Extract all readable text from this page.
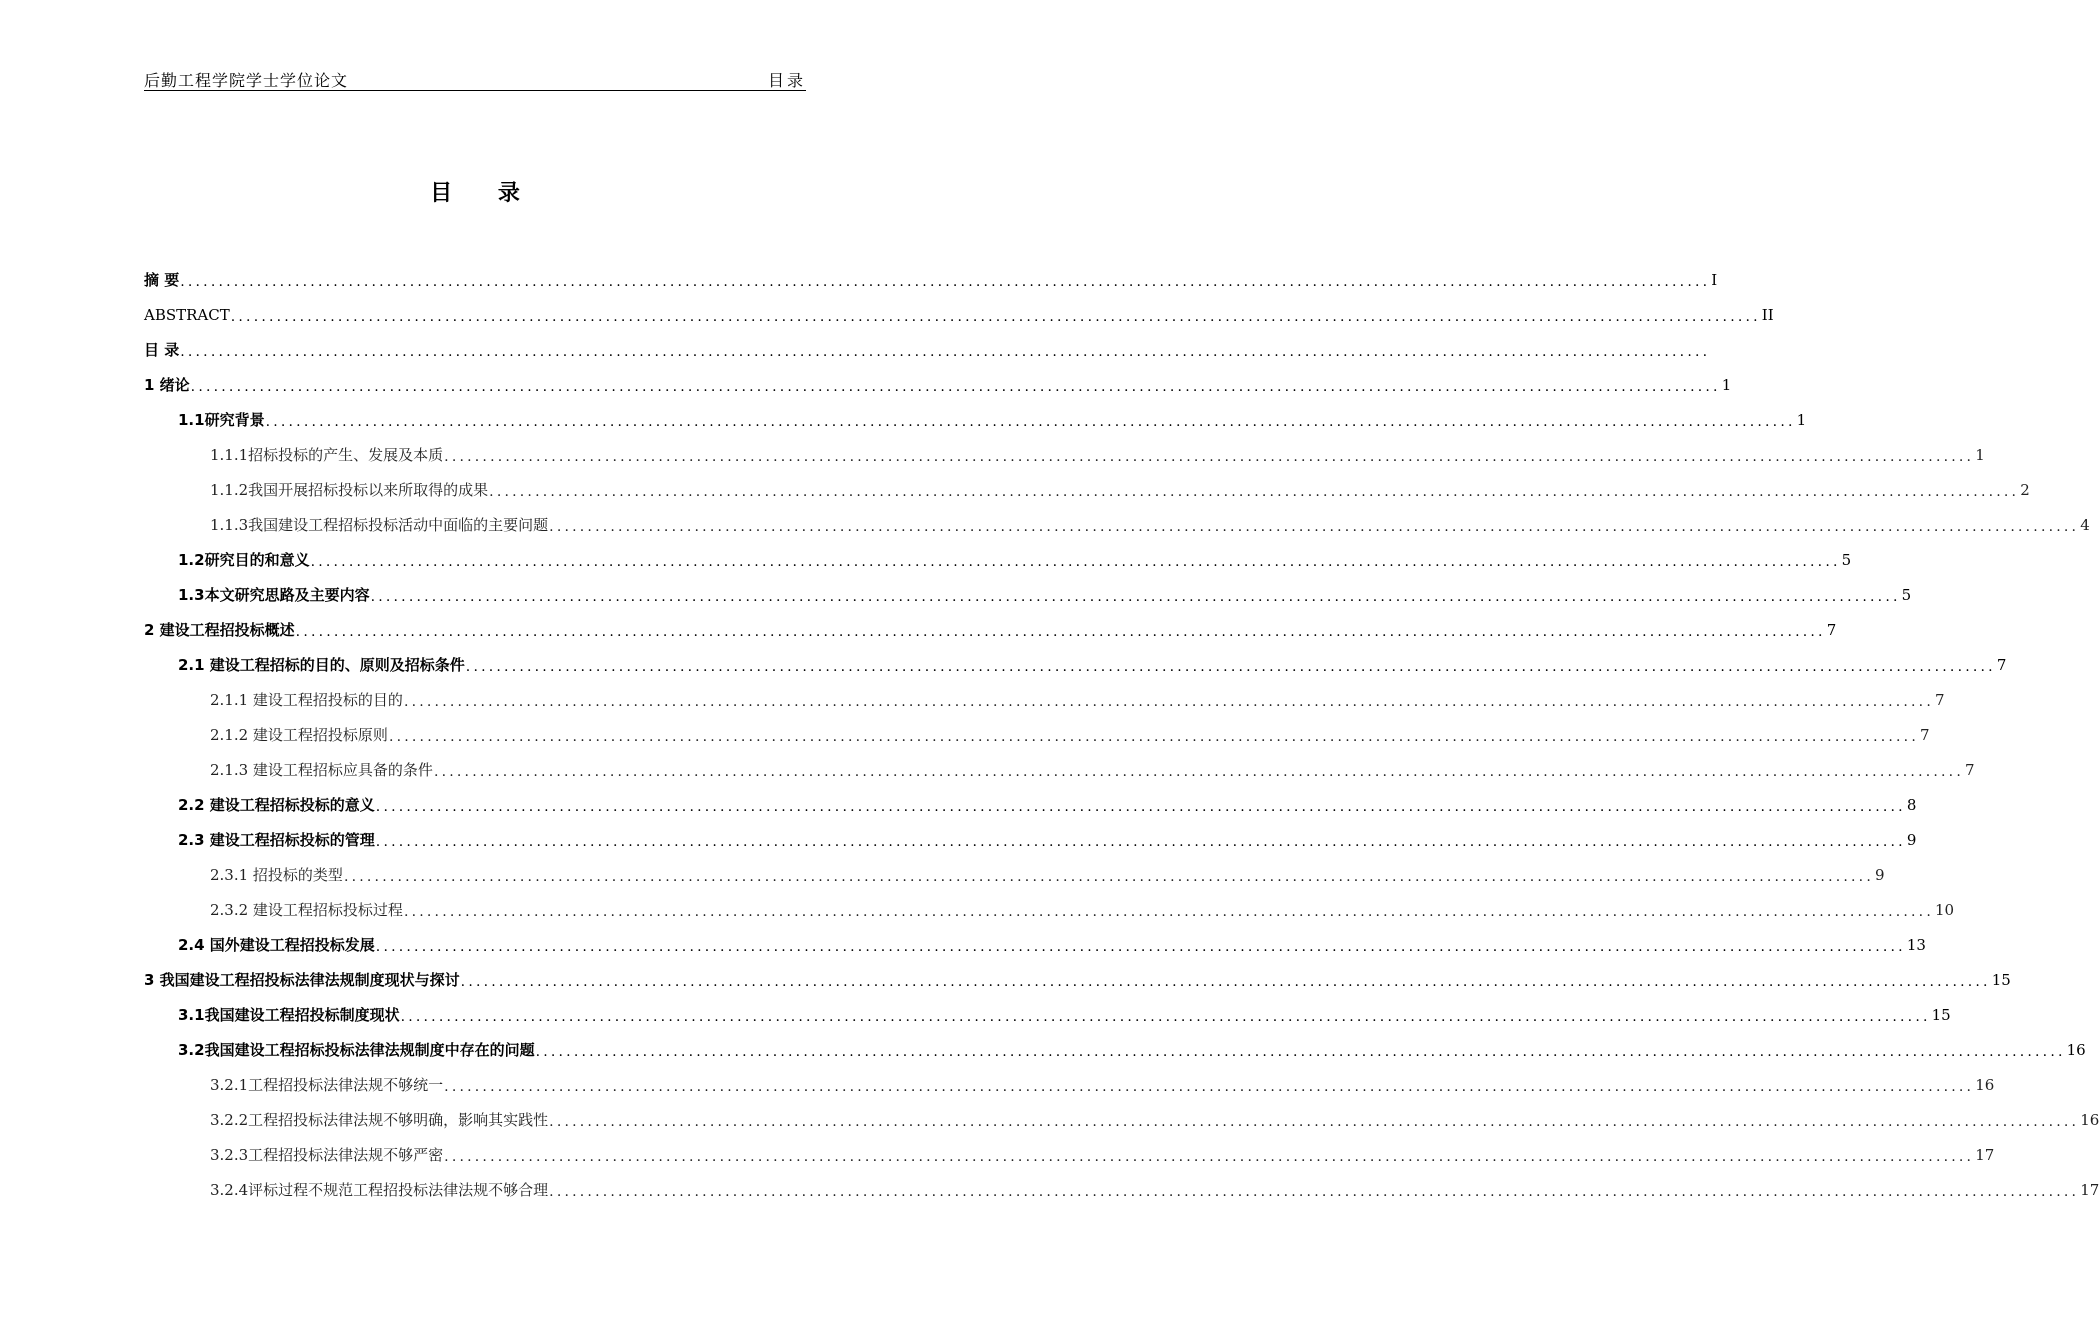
后勤工程学院学士学位论文	目录
目 录
摘 要 ........................................................................................................................................................................................................ I
ABSTRACT ........................................................................................................................................................................................................ II
目 录 ........................................................................................................................................................................................................
1 绪论 ........................................................................................................................................................................................................ 1
1.1研究背景 ........................................................................................................................................................................................................ 1
1.1.1招标投标的产生、发展及本质 ........................................................................................................................................................................................................ 1
1.1.2我国开展招标投标以来所取得的成果 ........................................................................................................................................................................................................ 2
1.1.3我国建设工程招标投标活动中面临的主要问题 ........................................................................................................................................................................................................ 4
1.2研究目的和意义 ........................................................................................................................................................................................................ 5
1.3本文研究思路及主要内容 ........................................................................................................................................................................................................ 5
2 建设工程招投标概述 ........................................................................................................................................................................................................ 7
2.1 建设工程招标的目的、原则及招标条件 ........................................................................................................................................................................................................ 7
2.1.1 建设工程招投标的目的 ........................................................................................................................................................................................................ 7
2.1.2 建设工程招投标原则 ........................................................................................................................................................................................................ 7
2.1.3 建设工程招标应具备的条件 ........................................................................................................................................................................................................ 7
2.2 建设工程招标投标的意义 ........................................................................................................................................................................................................ 8
2.3 建设工程招标投标的管理 ........................................................................................................................................................................................................ 9
2.3.1 招投标的类型 ........................................................................................................................................................................................................ 9
2.3.2 建设工程招标投标过程 ........................................................................................................................................................................................................ 10
2.4 国外建设工程招投标发展 ........................................................................................................................................................................................................ 13
3 我国建设工程招投标法律法规制度现状与探讨 ........................................................................................................................................................................................................ 15
3.1我国建设工程招投标制度现状 ........................................................................................................................................................................................................ 15
3.2我国建设工程招标投标法律法规制度中存在的问题 ........................................................................................................................................................................................................ 16
3.2.1工程招投标法律法规不够统一 ........................................................................................................................................................................................................ 16
3.2.2工程招投标法律法规不够明确，影响其实践性 ........................................................................................................................................................................................................ 16
3.2.3工程招投标法律法规不够严密 ........................................................................................................................................................................................................ 17
3.2.4评标过程不规范工程招投标法律法规不够合理 ........................................................................................................................................................................................................ 17
